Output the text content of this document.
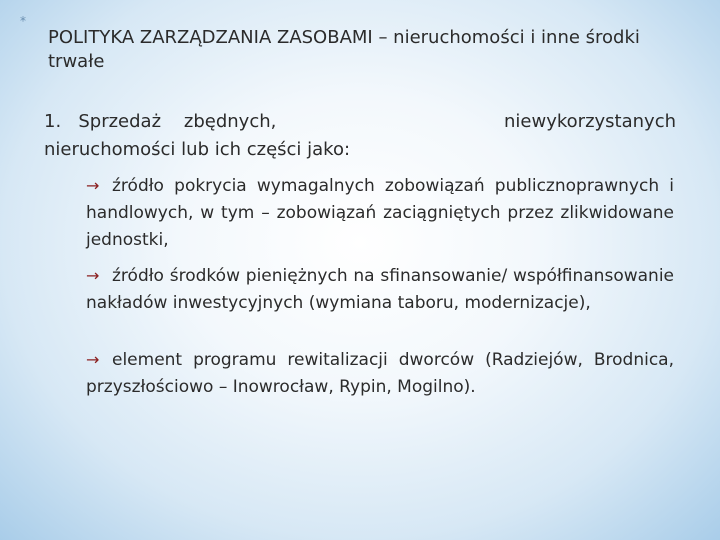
*
POLITYKA ZARZĄDZANIA ZASOBAMI – nieruchomości i inne środki trwałe
1.   Sprzedaż    zbędnych,	niewykorzystanych
nieruchomości lub ich części jako:
→ źródło pokrycia wymagalnych zobowiązań publicznoprawnych i handlowych, w tym – zobowiązań zaciągniętych przez zlikwidowane jednostki,
→ źródło środków pieniężnych na sfinansowanie/ współfinansowanie nakładów inwestycyjnych (wymiana taboru, modernizacje),
→ element programu rewitalizacji dworców (Radziejów, Brodnica, przyszłościowo – Inowrocław, Rypin, Mogilno).
